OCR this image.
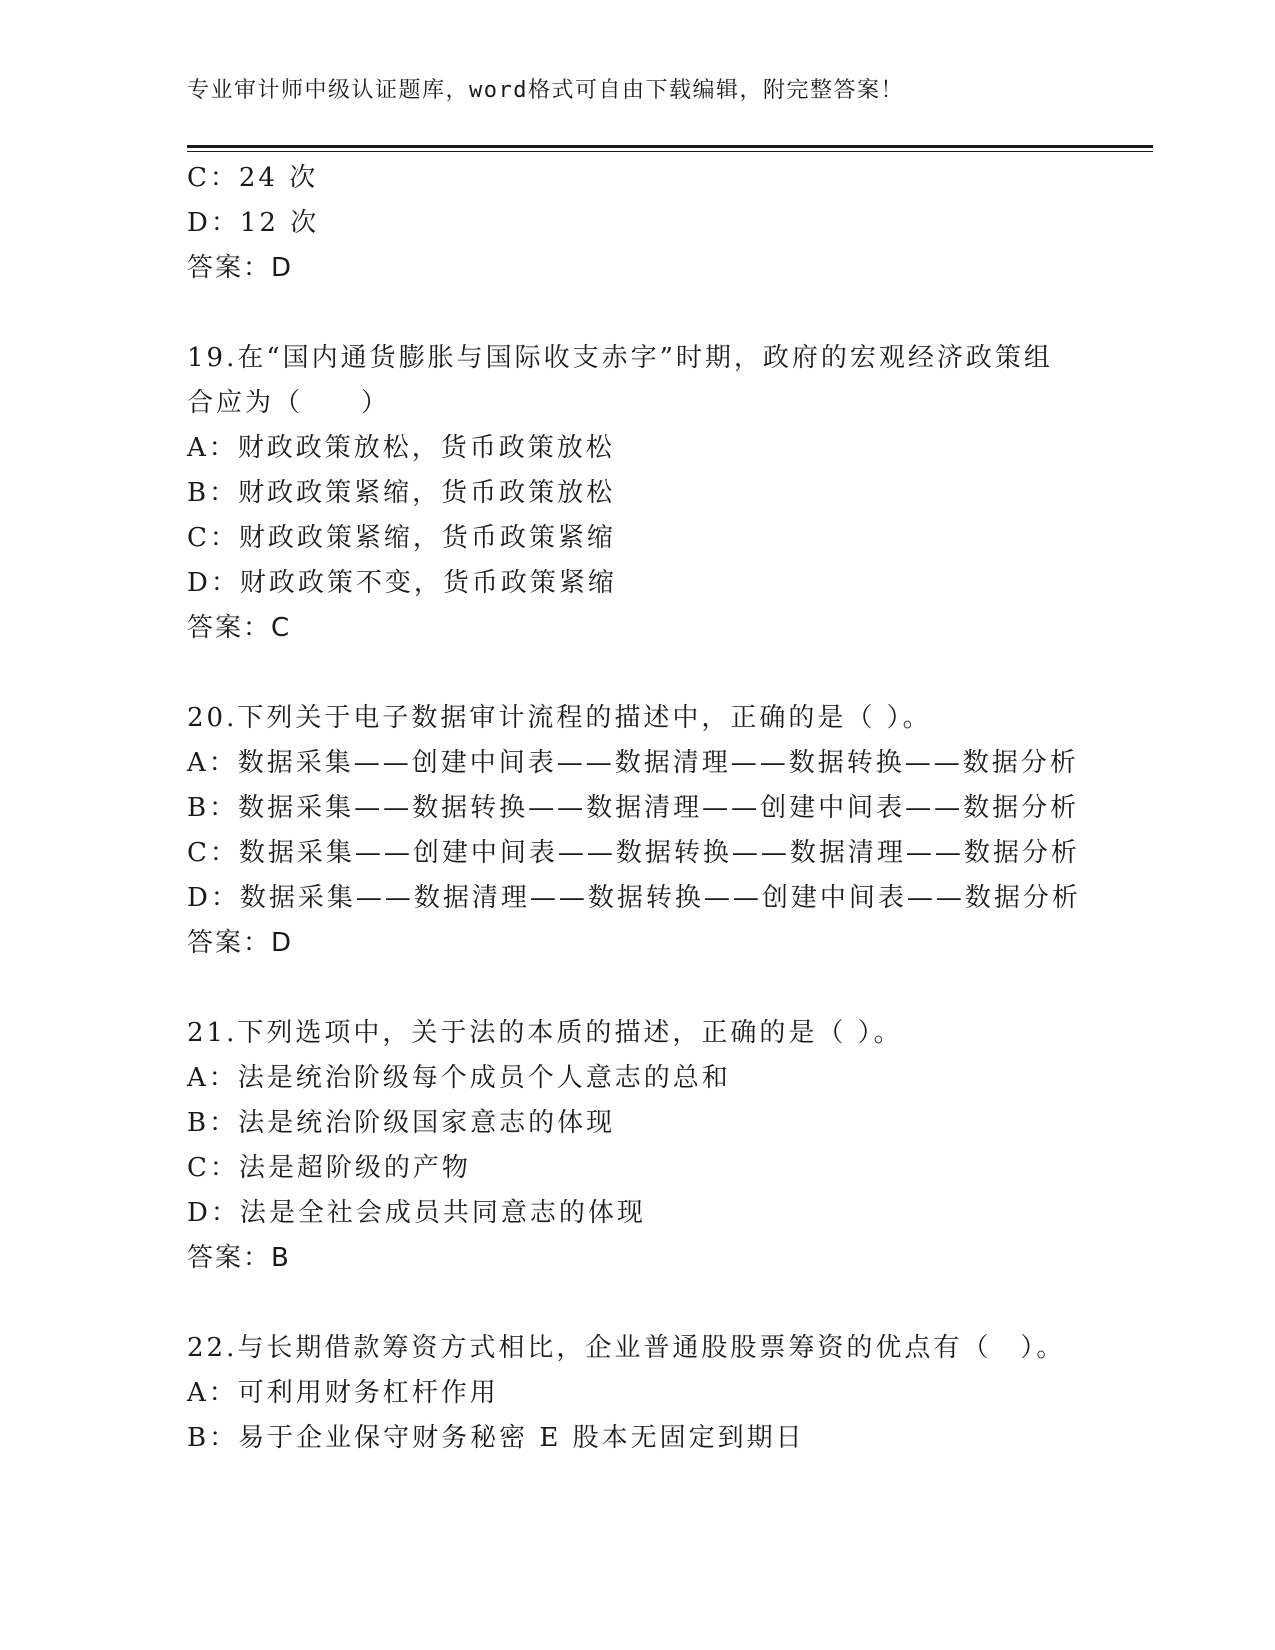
专业审计师中级认证题库，word格式可自由下载编辑，附完整答案！
C：24 次
D：12 次
答案：D
19.在“国内通货膨胀与国际收支赤字”时期，政府的宏观经济政策组
合应为（　　）
A：财政政策放松，货币政策放松
B：财政政策紧缩，货币政策放松
C：财政政策紧缩，货币政策紧缩
D：财政政策不变，货币政策紧缩
答案：C
20.下列关于电子数据审计流程的描述中，正确的是（ ）。
A：数据采集——创建中间表——数据清理——数据转换——数据分析
B：数据采集——数据转换——数据清理——创建中间表——数据分析
C：数据采集——创建中间表——数据转换——数据清理——数据分析
D：数据采集——数据清理——数据转换——创建中间表——数据分析
答案：D
21.下列选项中，关于法的本质的描述，正确的是（ ）。
A：法是统治阶级每个成员个人意志的总和
B：法是统治阶级国家意志的体现
C：法是超阶级的产物
D：法是全社会成员共同意志的体现
答案：B
22.与长期借款筹资方式相比，企业普通股股票筹资的优点有（　）。
A：可利用财务杠杆作用
B：易于企业保守财务秘密 E 股本无固定到期日
